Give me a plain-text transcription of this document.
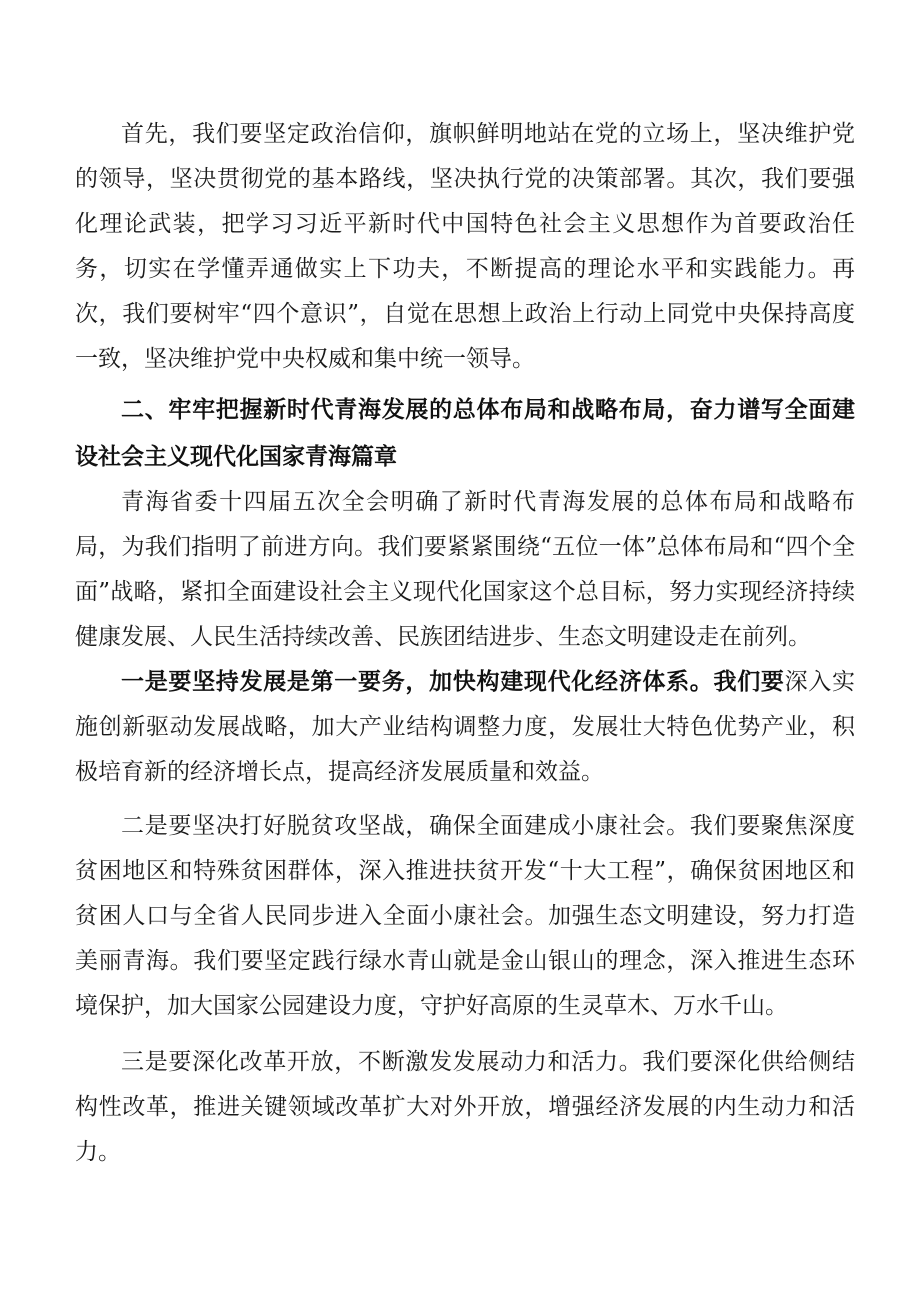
首先，我们要坚定政治信仰，旗帜鲜明地站在党的立场上，坚决维护党的领导，坚决贯彻党的基本路线，坚决执行党的决策部署。其次，我们要强化理论武装，把学习习近平新时代中国特色社会主义思想作为首要政治任务，切实在学懂弄通做实上下功夫，不断提高的理论水平和实践能力。再次，我们要树牢“四个意识”，自觉在思想上政治上行动上同党中央保持高度一致，坚决维护党中央权威和集中统一领导。

二、牢牢把握新时代青海发展的总体布局和战略布局，奋力谱写全面建设社会主义现代化国家青海篇章

青海省委十四届五次全会明确了新时代青海发展的总体布局和战略布局，为我们指明了前进方向。我们要紧紧围绕“五位一体”总体布局和“四个全面”战略，紧扣全面建设社会主义现代化国家这个总目标，努力实现经济持续健康发展、人民生活持续改善、民族团结进步、生态文明建设走在前列。

一是要坚持发展是第一要务，加快构建现代化经济体系。我们要深入实施创新驱动发展战略，加大产业结构调整力度，发展壮大特色优势产业，积极培育新的经济增长点，提高经济发展质量和效益。

二是要坚决打好脱贫攻坚战，确保全面建成小康社会。我们要聚焦深度贫困地区和特殊贫困群体，深入推进扶贫开发“十大工程”，确保贫困地区和贫困人口与全省人民同步进入全面小康社会。加强生态文明建设，努力打造美丽青海。我们要坚定践行绿水青山就是金山银山的理念，深入推进生态环境保护，加大国家公园建设力度，守护好高原的生灵草木、万水千山。

三是要深化改革开放，不断激发发展动力和活力。我们要深化供给侧结构性改革，推进关键领域改革扩大对外开放，增强经济发展的内生动力和活力。
